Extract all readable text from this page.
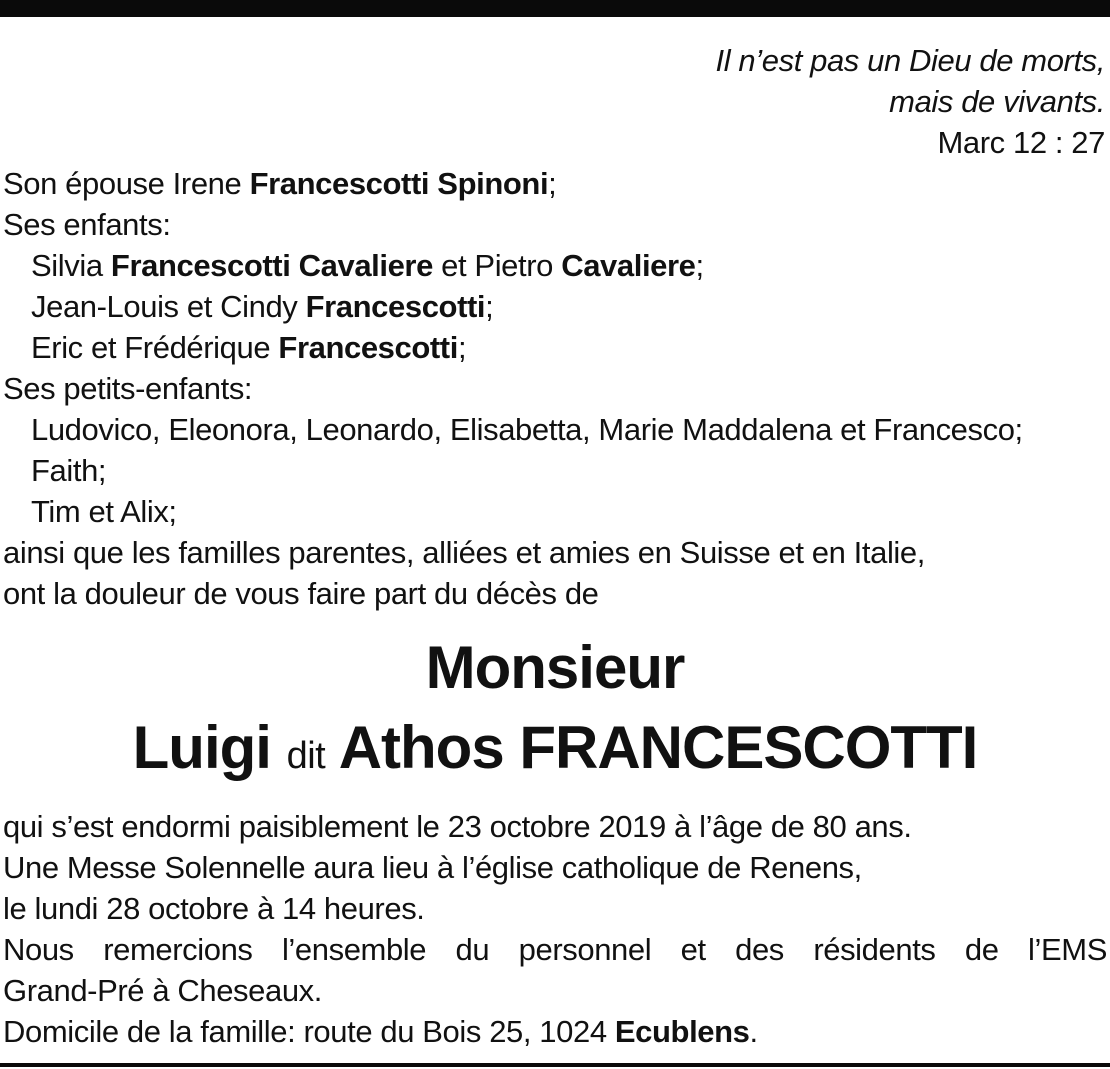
Il n’est pas un Dieu de morts,
mais de vivants.
Marc 12 : 27
Son épouse Irene Francescotti Spinoni;
Ses enfants:
Silvia Francescotti Cavaliere et Pietro Cavaliere;
Jean-Louis et Cindy Francescotti;
Eric et Frédérique Francescotti;
Ses petits-enfants:
Ludovico, Eleonora, Leonardo, Elisabetta, Marie Maddalena et Francesco;
Faith;
Tim et Alix;
ainsi que les familles parentes, alliées et amies en Suisse et en Italie,
ont la douleur de vous faire part du décès de
Monsieur
Luigi dit Athos FRANCESCOTTI
qui s’est endormi paisiblement le 23 octobre 2019 à l’âge de 80 ans.
Une Messe Solennelle aura lieu à l’église catholique de Renens,
le lundi 28 octobre à 14 heures.
Nous remercions l’ensemble du personnel et des résidents de l’EMS
Grand-Pré à Cheseaux.
Domicile de la famille: route du Bois 25, 1024 Ecublens.
